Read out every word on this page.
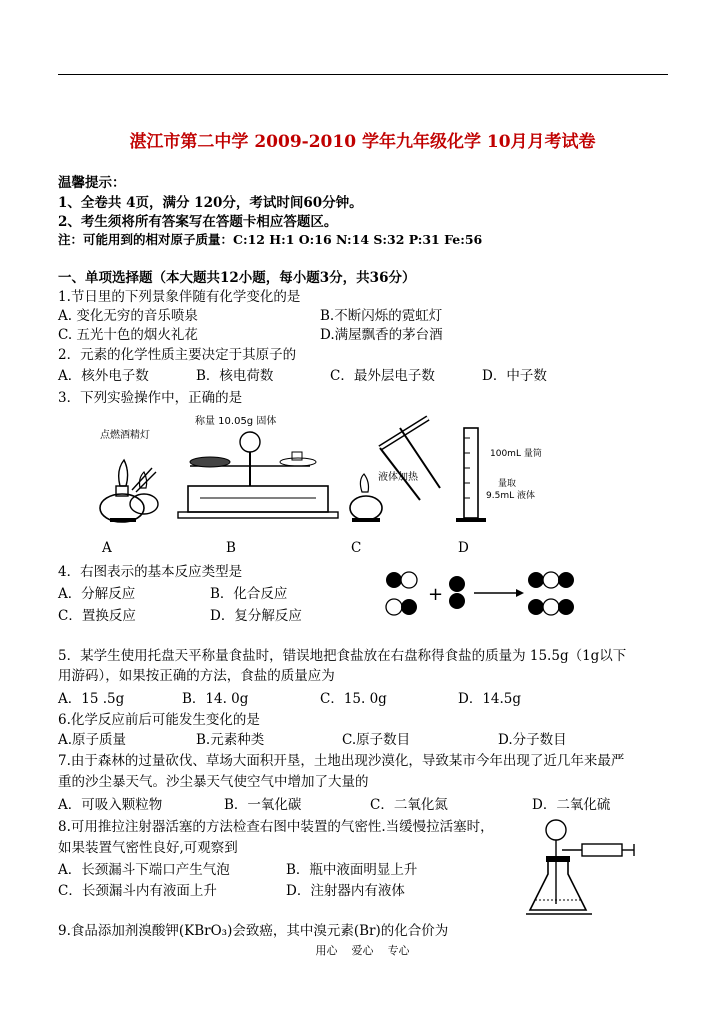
湛江市第二中学 2009-2010 学年九年级化学 10月月考试卷
温馨提示：
1、全卷共 4页，满分 120分，考试时间60分钟。
2、考生须将所有答案写在答题卡相应答题区。
注：可能用到的相对原子质量：C:12 H:1 O:16 N:14 S:32 P:31 Fe:56
一、单项选择题（本大题共12小题，每小题3分，共36分）
1.节日里的下列景象伴随有化学变化的是
A. 变化无穷的音乐喷泉	B.不断闪烁的霓虹灯
C. 五光十色的烟火礼花	D.满屋飘香的茅台酒
2．元素的化学性质主要决定于其原子的
A．核外电子数	B．核电荷数	C．最外层电子数	D．中子数
3．下列实验操作中，正确的是
点燃酒精灯
称量 10.05g 固体
液体加热
100mL 量筒
量取
9.5mL 液体
A	B	C	D
4．右图表示的基本反应类型是
A．分解反应	B．化合反应
C．置换反应	D．复分解反应
+
5．某学生使用托盘天平称量食盐时，错误地把食盐放在右盘称得食盐的质量为 15.5g（1g以下
用游码），如果按正确的方法，食盐的质量应为
A．15 .5g	B．14. 0g	C．15. 0g	D．14.5g
6.化学反应前后可能发生变化的是
A.原子质量	B.元素种类	C.原子数目	D.分子数目
7.由于森林的过量砍伐、草场大面积开垦，土地出现沙漠化，导致某市今年出现了近几年来最严
重的沙尘暴天气。沙尘暴天气使空气中增加了大量的
A．可吸入颗粒物	B．一氧化碳	C．二氧化氮	D．二氧化硫
8.可用推拉注射器活塞的方法检查右图中装置的气密性.当缓慢拉活塞时，
如果装置气密性良好,可观察到
A．长颈漏斗下端口产生气泡	B．瓶中液面明显上升
C．长颈漏斗内有液面上升	D．注射器内有液体
9.食品添加剂溴酸钾(KBrO₃)会致癌，其中溴元素(Br)的化合价为
用心    爱心    专心
